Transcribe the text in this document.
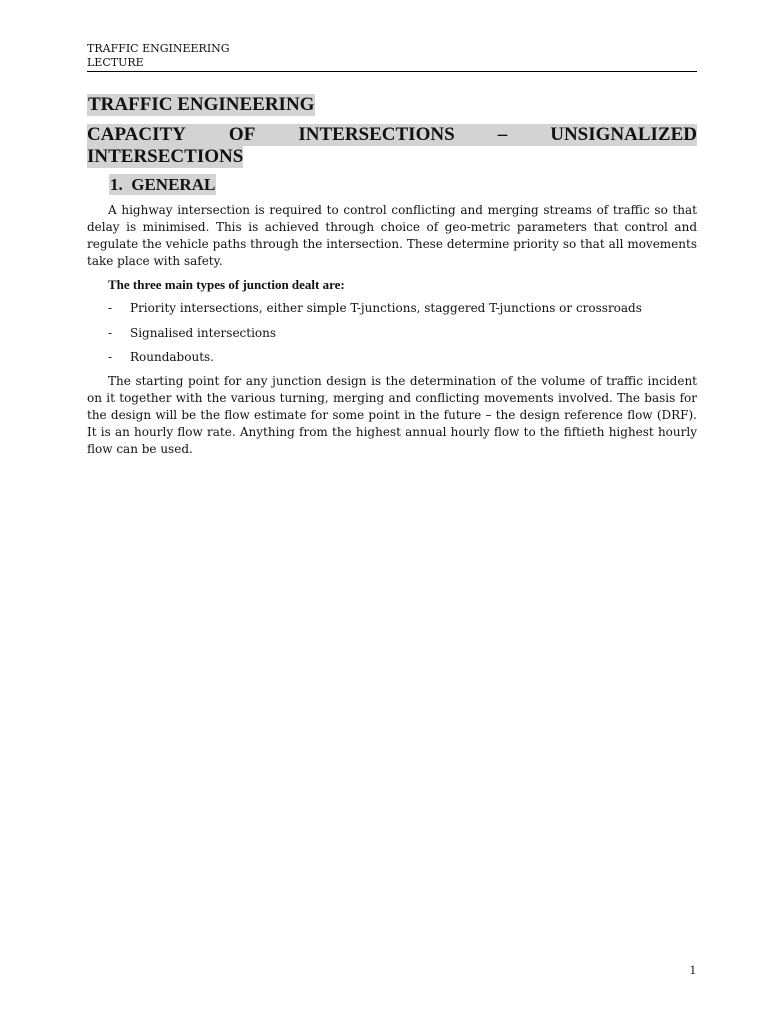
TRAFFIC ENGINEERING
LECTURE
TRAFFIC ENGINEERING
CAPACITY OF INTERSECTIONS – UNSIGNALIZED
INTERSECTIONS
1. GENERAL

A highway intersection is required to control conflicting and merging streams of traffic so that delay is minimised. This is achieved through choice of geo-metric parameters that control and regulate the vehicle paths through the intersection. These determine priority so that all movements take place with safety.

The three main types of junction dealt are:
- Priority intersections, either simple T-junctions, staggered T-junctions or crossroads
- Signalised intersections
- Roundabouts.

The starting point for any junction design is the determination of the volume of traffic incident on it together with the various turning, merging and conflicting movements involved. The basis for the design will be the flow estimate for some point in the future – the design reference flow (DRF). It is an hourly flow rate. Anything from the highest annual hourly flow to the fiftieth highest hourly flow can be used.

1
